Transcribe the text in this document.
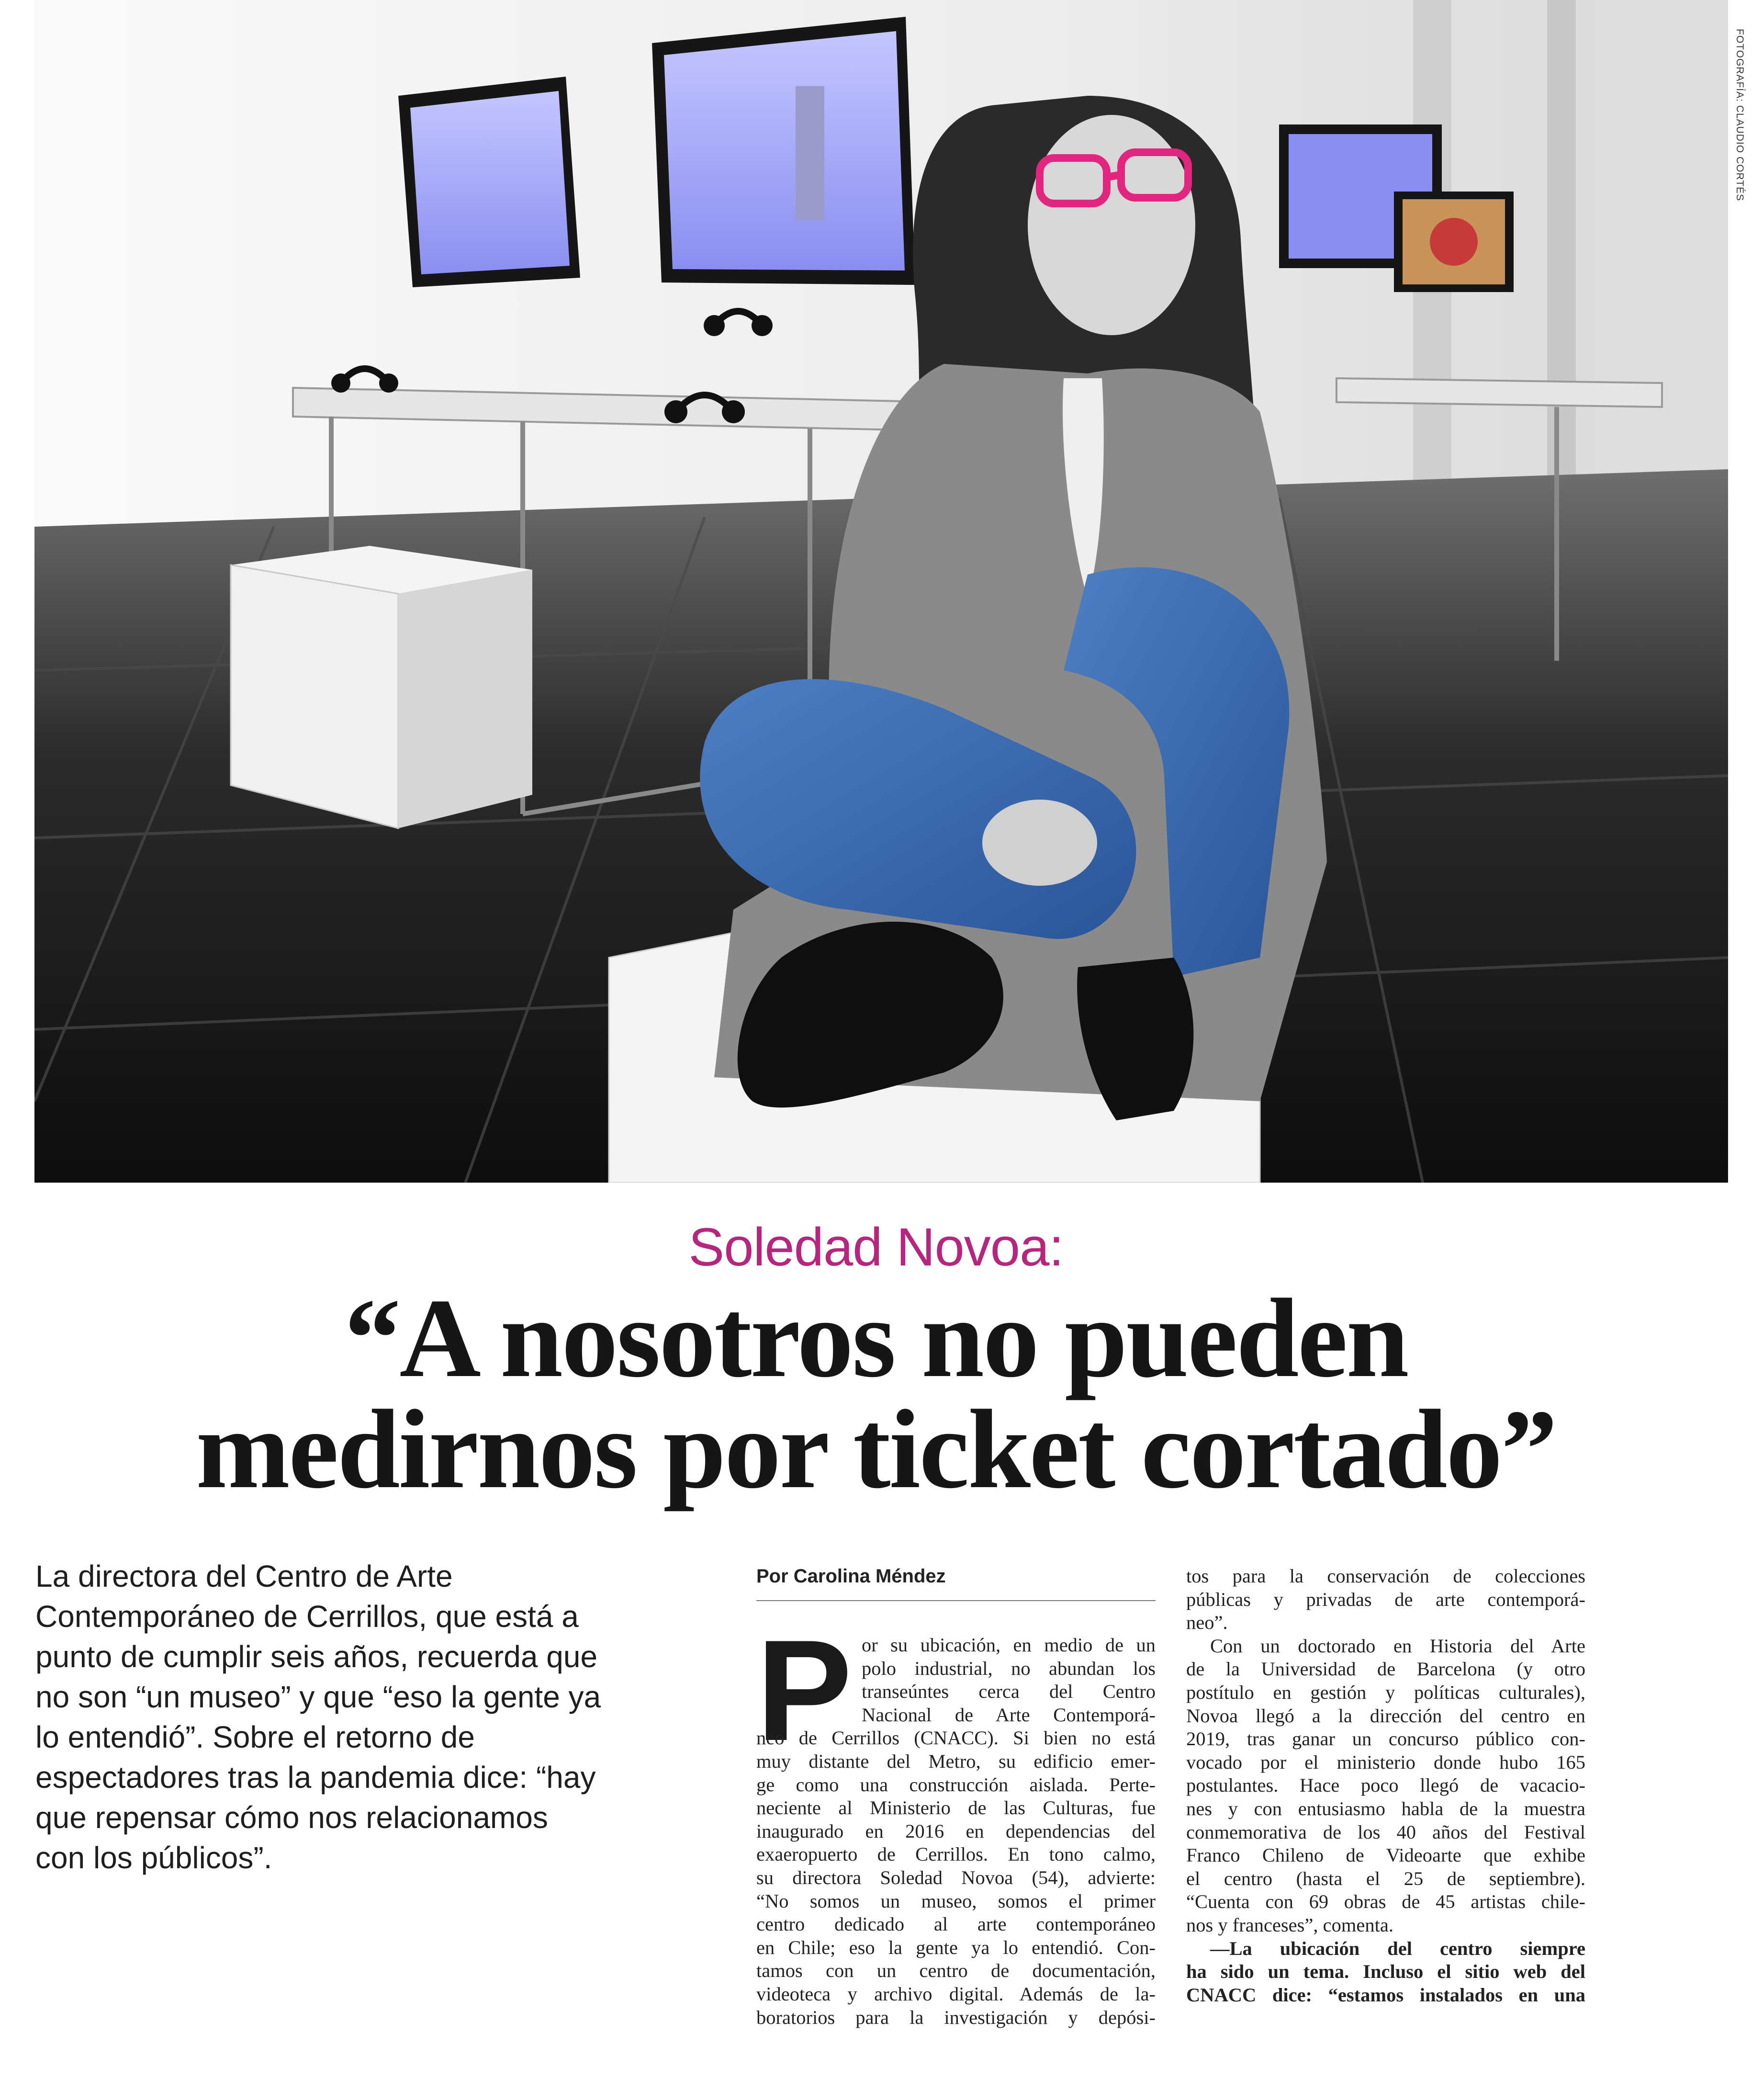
FOTOGRAFÍA: CLAUDIO CORTÉS
Soledad Novoa:
“A nosotros no pueden
medirnos por ticket cortado”

La directora del Centro de Arte
Contemporáneo de Cerrillos, que está a
punto de cumplir seis años, recuerda que
no son “un museo” y que “eso la gente ya
lo entendió”. Sobre el retorno de
espectadores tras la pandemia dice: “hay
que repensar cómo nos relacionamos
con los públicos”.

Por Carolina Méndez
P or su ubicación, en medio de un
polo industrial, no abundan los
transeúntes cerca del Centro
Nacional de Arte Contemporá-
neo de Cerrillos (CNACC). Si bien no está
muy distante del Metro, su edificio emer-
ge como una construcción aislada. Perte-
neciente al Ministerio de las Culturas, fue
inaugurado en 2016 en dependencias del
exaeropuerto de Cerrillos. En tono calmo,
su directora Soledad Novoa (54), advierte:
“No somos un museo, somos el primer
centro dedicado al arte contemporáneo
en Chile; eso la gente ya lo entendió. Con-
tamos con un centro de documentación,
videoteca y archivo digital. Además de la-
boratorios para la investigación y depósi-
tos para la conservación de colecciones
públicas y privadas de arte contemporá-
neo”.
Con un doctorado en Historia del Arte
de la Universidad de Barcelona (y otro
postítulo en gestión y políticas culturales),
Novoa llegó a la dirección del centro en
2019, tras ganar un concurso público con-
vocado por el ministerio donde hubo 165
postulantes. Hace poco llegó de vacacio-
nes y con entusiasmo habla de la muestra
conmemorativa de los 40 años del Festival
Franco Chileno de Videoarte que exhibe
el centro (hasta el 25 de septiembre).
“Cuenta con 69 obras de 45 artistas chile-
nos y franceses”, comenta.
—La ubicación del centro siempre
ha sido un tema. Incluso el sitio web del
CNACC dice: “estamos instalados en una
